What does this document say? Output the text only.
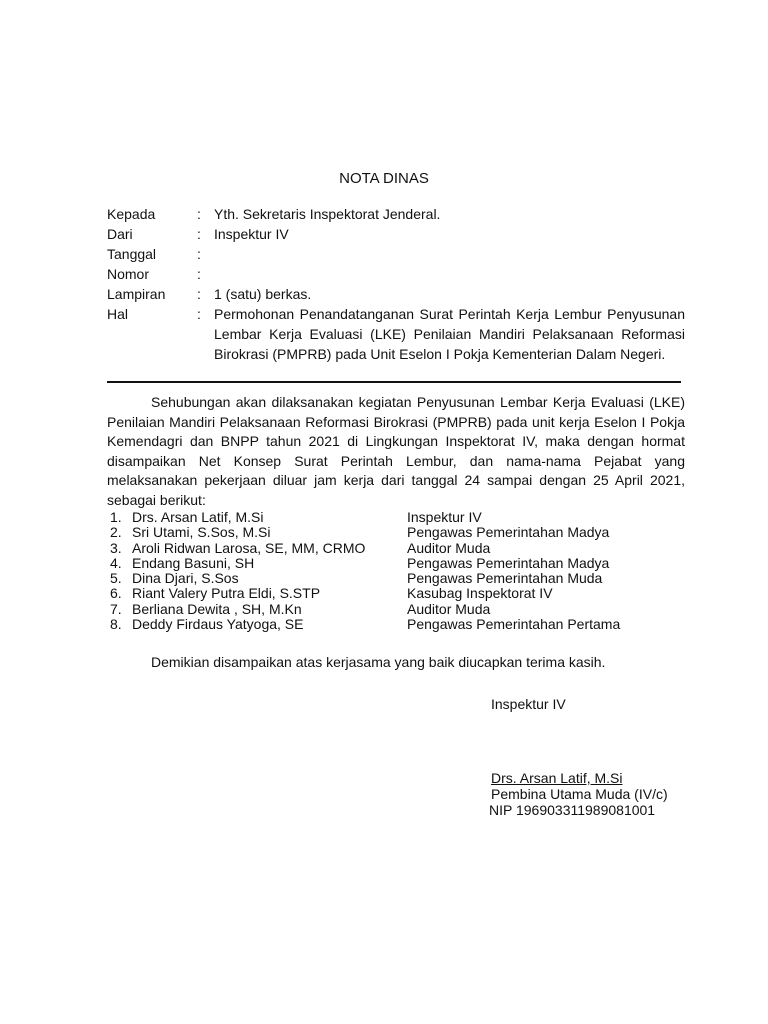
NOTA DINAS
Kepada	: Yth. Sekretaris Inspektorat Jenderal.
Dari	: Inspektur IV
Tanggal	:
Nomor	:
Lampiran	: 1 (satu) berkas.
Hal	: Permohonan Penandatanganan Surat Perintah Kerja Lembur Penyusunan Lembar Kerja Evaluasi (LKE) Penilaian Mandiri Pelaksanaan Reformasi Birokrasi (PMPRB) pada Unit Eselon I Pokja Kementerian Dalam Negeri.
Sehubungan akan dilaksanakan kegiatan Penyusunan Lembar Kerja Evaluasi (LKE) Penilaian Mandiri Pelaksanaan Reformasi Birokrasi (PMPRB) pada unit kerja Eselon I Pokja Kemendagri dan BNPP tahun 2021 di Lingkungan Inspektorat IV, maka dengan hormat disampaikan Net Konsep Surat Perintah Lembur, dan nama-nama Pejabat yang melaksanakan pekerjaan diluar jam kerja dari tanggal 24 sampai dengan 25 April 2021, sebagai berikut:
1. Drs. Arsan Latif, M.Si	Inspektur IV
2. Sri Utami, S.Sos, M.Si	Pengawas Pemerintahan Madya
3. Aroli Ridwan Larosa, SE, MM, CRMO	Auditor Muda
4. Endang Basuni, SH	Pengawas Pemerintahan Madya
5. Dina Djari, S.Sos	Pengawas Pemerintahan Muda
6. Riant Valery Putra Eldi, S.STP	Kasubag Inspektorat IV
7. Berliana Dewita , SH, M.Kn	Auditor Muda
8. Deddy Firdaus Yatyoga, SE	Pengawas Pemerintahan Pertama
Demikian disampaikan atas kerjasama yang baik diucapkan terima kasih.
Inspektur IV
Drs. Arsan Latif, M.Si
Pembina Utama Muda (IV/c)
NIP 196903311989081001
